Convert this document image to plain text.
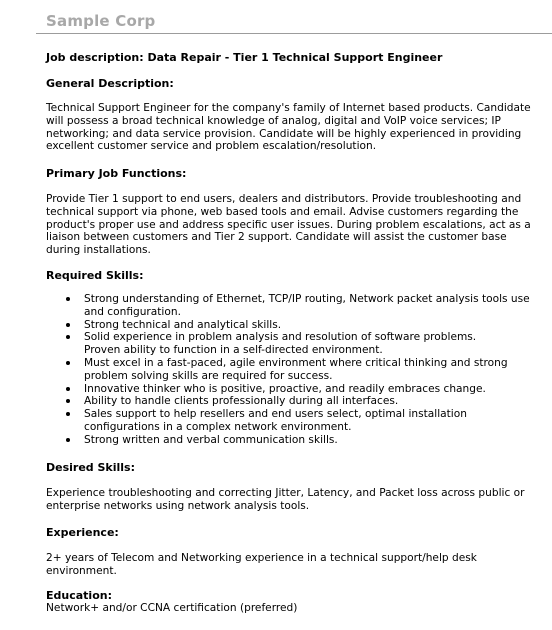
Sample Corp
Job description: Data Repair - Tier 1 Technical Support Engineer
General Description:
Technical Support Engineer for the company's family of Internet based products. Candidate
will possess a broad technical knowledge of analog, digital and VoIP voice services; IP
networking; and data service provision. Candidate will be highly experienced in providing
excellent customer service and problem escalation/resolution.
Primary Job Functions:
Provide Tier 1 support to end users, dealers and distributors. Provide troubleshooting and
technical support via phone, web based tools and email. Advise customers regarding the
product's proper use and address specific user issues. During problem escalations, act as a
liaison between customers and Tier 2 support. Candidate will assist the customer base
during installations.
Required Skills:
Strong understanding of Ethernet, TCP/IP routing, Network packet analysis tools use
and configuration.
Strong technical and analytical skills.
Solid experience in problem analysis and resolution of software problems.
Proven ability to function in a self-directed environment.
Must excel in a fast-paced, agile environment where critical thinking and strong
problem solving skills are required for success.
Innovative thinker who is positive, proactive, and readily embraces change.
Ability to handle clients professionally during all interfaces.
Sales support to help resellers and end users select, optimal installation
configurations in a complex network environment.
Strong written and verbal communication skills.
Desired Skills:
Experience troubleshooting and correcting Jitter, Latency, and Packet loss across public or
enterprise networks using network analysis tools.
Experience:
2+ years of Telecom and Networking experience in a technical support/help desk
environment.
Education:
Network+ and/or CCNA certification (preferred)
